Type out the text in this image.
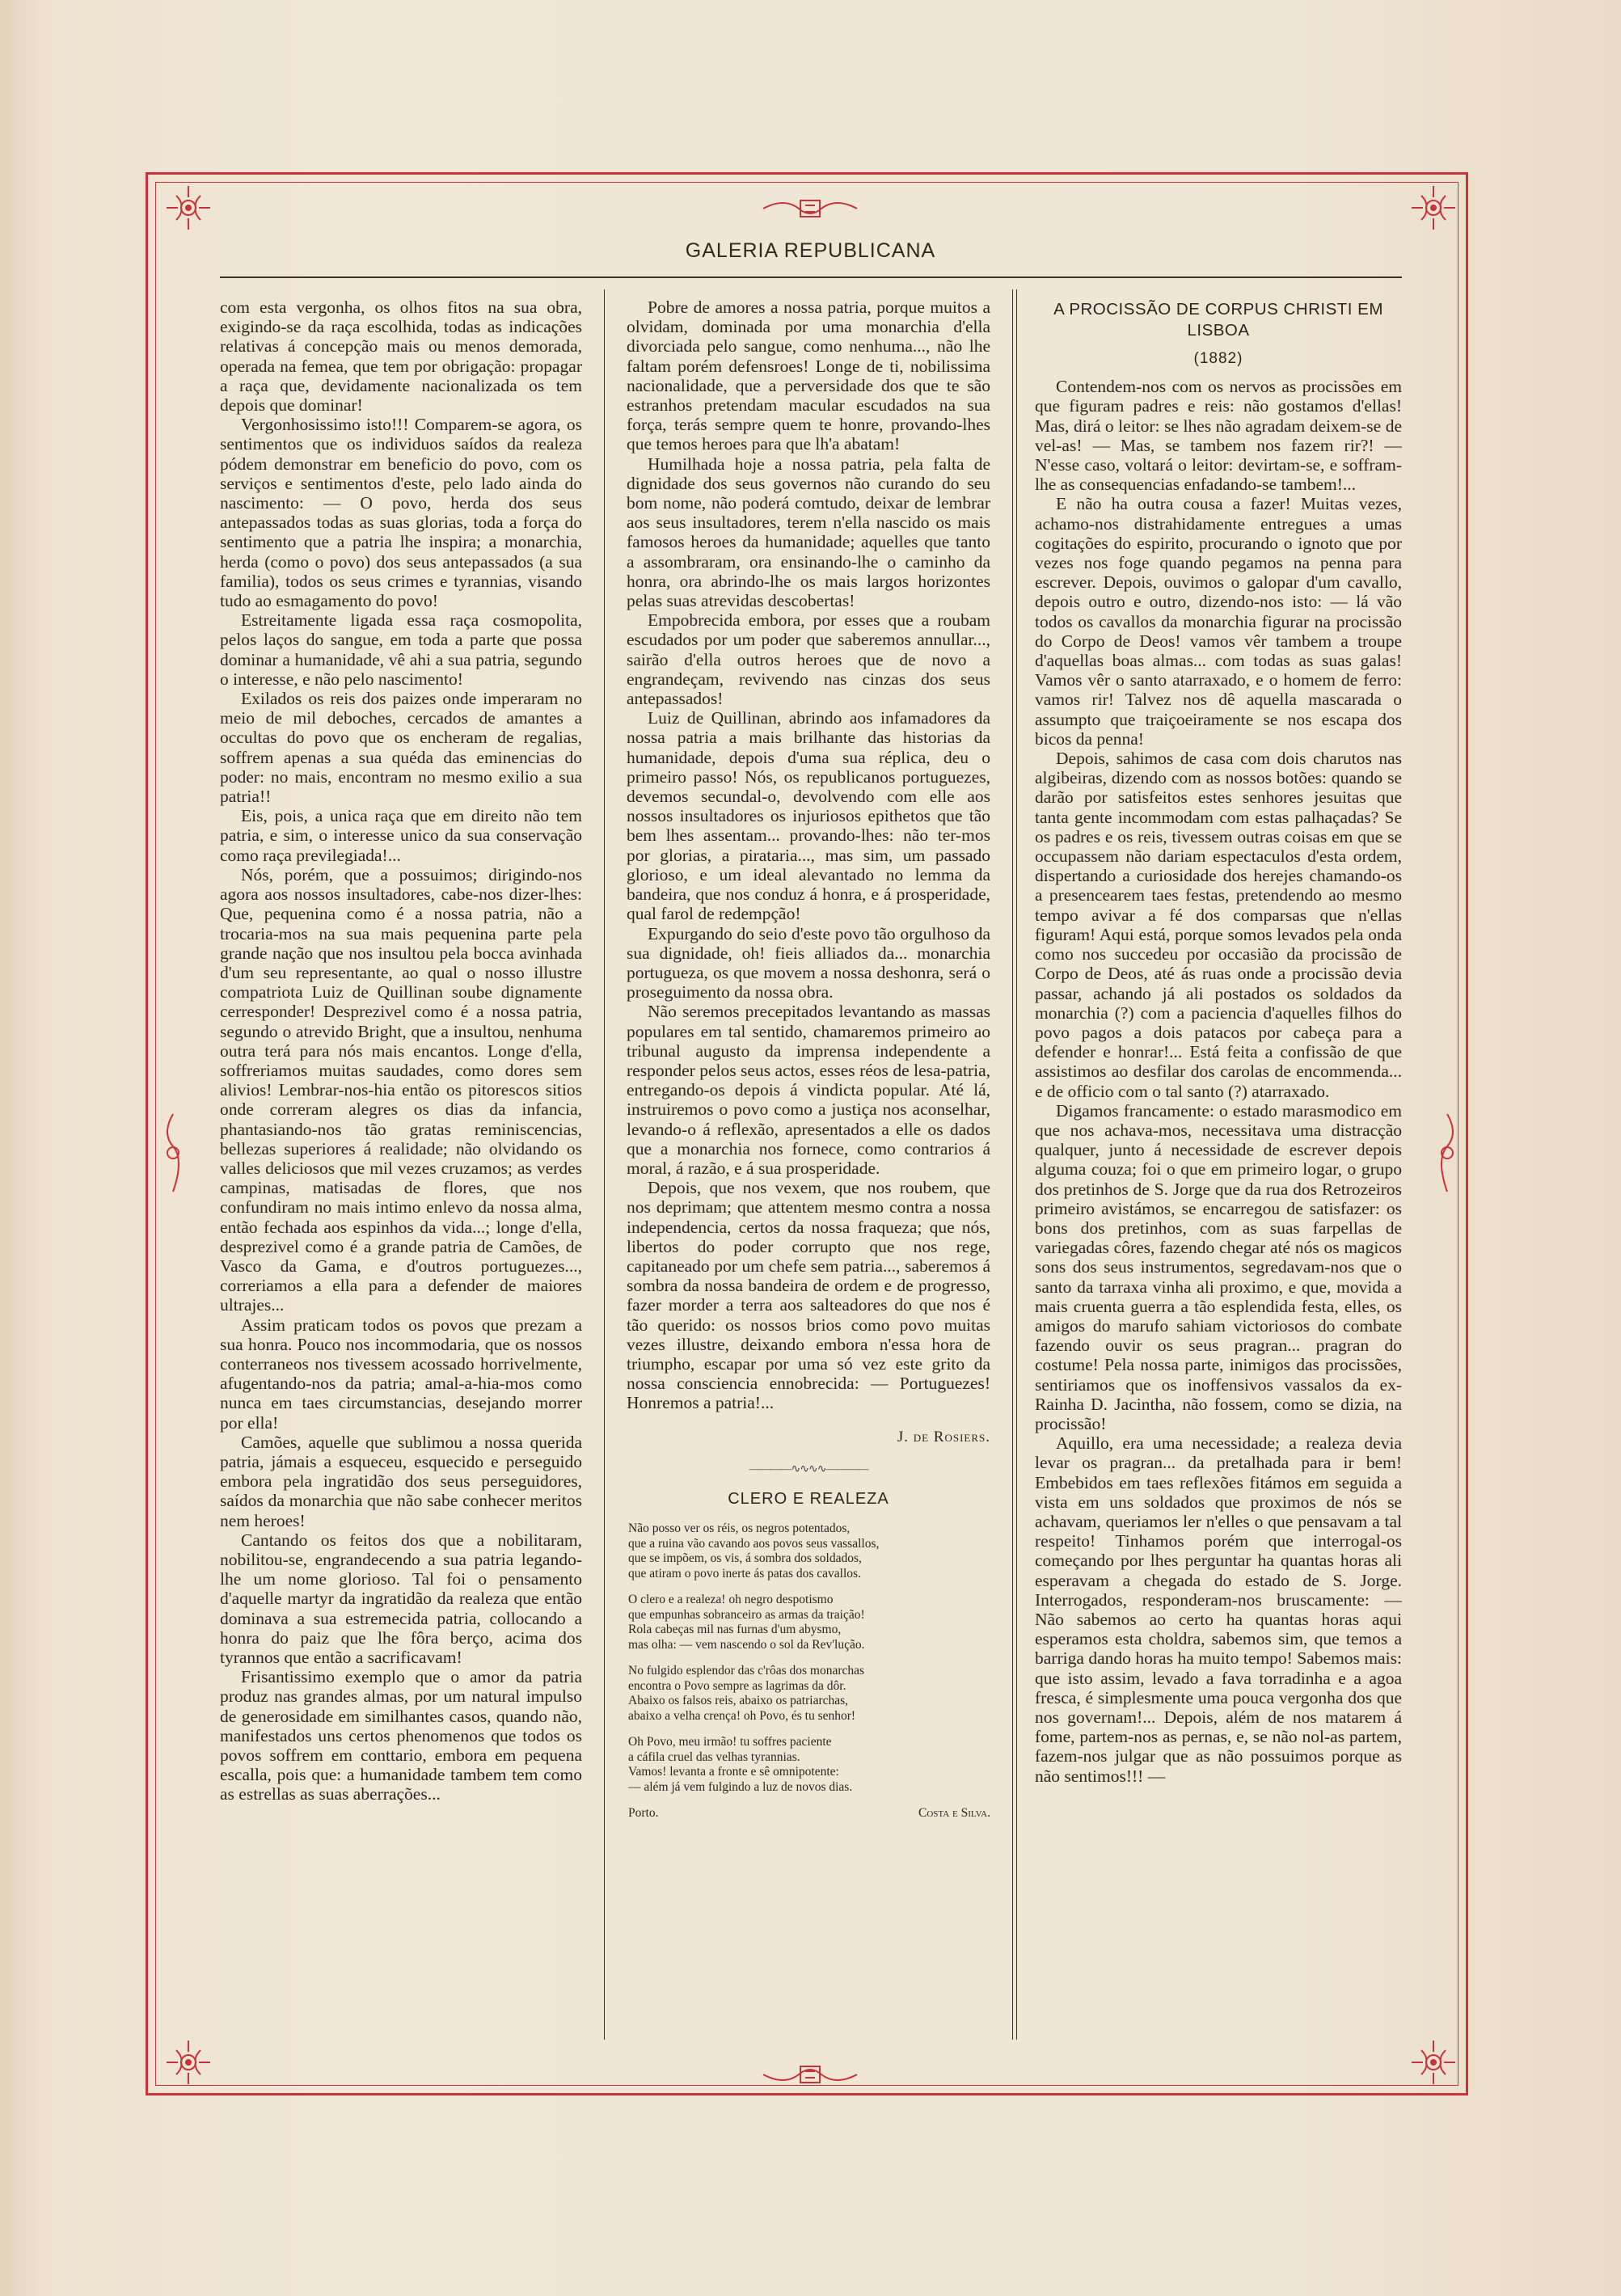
GALERIA REPUBLICANA

com esta vergonha, os olhos fitos na sua obra, exigindo-se da raça escolhida, todas as indicações relativas á concepção mais ou menos demorada, operada na femea, que tem por obrigação: propagar a raça que, devidamente nacionalizada os tem depois que dominar!

Vergonhosissimo isto!!! Comparem-se agora, os sentimentos que os individuos saídos da realeza pódem demonstrar em beneficio do povo, com os serviços e sentimentos d'este, pelo lado ainda do nascimento: — O povo, herda dos seus antepassados todas as suas glorias, toda a força do sentimento que a patria lhe inspira; a monarchia, herda (como o povo) dos seus antepassados (a sua familia), todos os seus crimes e tyrannias, visando tudo ao esmagamento do povo!

Estreitamente ligada essa raça cosmopolita, pelos laços do sangue, em toda a parte que possa dominar a humanidade, vê ahi a sua patria, segundo o interesse, e não pelo nascimento!

Exilados os reis dos paizes onde imperaram no meio de mil deboches, cercados de amantes a occultas do povo que os encheram de regalias, soffrem apenas a sua quéda das eminencias do poder: no mais, encontram no mesmo exilio a sua patria!!

Eis, pois, a unica raça que em direito não tem patria, e sim, o interesse unico da sua conservação como raça previlegiada!...

Nós, porém, que a possuimos; dirigindo-nos agora aos nossos insultadores, cabe-nos dizer-lhes: Que, pequenina como é a nossa patria, não a trocaria-mos na sua mais pequenina parte pela grande nação que nos insultou pela bocca avinhada d'um seu representante, ao qual o nosso illustre compatriota Luiz de Quillinan soube dignamente cerresponder! Desprezivel como é a nossa patria, segundo o atrevido Bright, que a insultou, nenhuma outra terá para nós mais encantos. Longe d'ella, soffreriamos muitas saudades, como dores sem alivios! Lembrar-nos-hia então os pitorescos sitios onde correram alegres os dias da infancia, phantasiando-nos tão gratas reminiscencias, bellezas superiores á realidade; não olvidando os valles deliciosos que mil vezes cruzamos; as verdes campinas, matisadas de flores, que nos confundiram no mais intimo enlevo da nossa alma, então fechada aos espinhos da vida...; longe d'ella, desprezivel como é a grande patria de Camões, de Vasco da Gama, e d'outros portuguezes..., correriamos a ella para a defender de maiores ultrajes...

Assim praticam todos os povos que prezam a sua honra. Pouco nos incommodaria, que os nossos conterraneos nos tivessem acossado horrivelmente, afugentando-nos da patria; amal-a-hia-mos como nunca em taes circumstancias, desejando morrer por ella!

Camões, aquelle que sublimou a nossa querida patria, jámais a esqueceu, esquecido e perseguido embora pela ingratidão dos seus perseguidores, saídos da monarchia que não sabe conhecer meritos nem heroes!

Cantando os feitos dos que a nobilitaram, nobilitou-se, engrandecendo a sua patria legando-lhe um nome glorioso. Tal foi o pensamento d'aquelle martyr da ingratidão da realeza que então dominava a sua estremecida patria, collocando a honra do paiz que lhe fôra berço, acima dos tyrannos que então a sacrificavam!

Frisantissimo exemplo que o amor da patria produz nas grandes almas, por um natural impulso de generosidade em similhantes casos, quando não, manifestados uns certos phenomenos que todos os povos soffrem em conttario, embora em pequena escalla, pois que: a humanidade tambem tem como as estrellas as suas aberrações...

Pobre de amores a nossa patria, porque muitos a olvidam, dominada por uma monarchia d'ella divorciada pelo sangue, como nenhuma..., não lhe faltam porém defensroes! Longe de ti, nobilissima nacionalidade, que a perversidade dos que te são estranhos pretendam macular escudados na sua força, terás sempre quem te honre, provando-lhes que temos heroes para que lh'a abatam!

Humilhada hoje a nossa patria, pela falta de dignidade dos seus governos não curando do seu bom nome, não poderá comtudo, deixar de lembrar aos seus insultadores, terem n'ella nascido os mais famosos heroes da humanidade; aquelles que tanto a assombraram, ora ensinando-lhe o caminho da honra, ora abrindo-lhe os mais largos horizontes pelas suas atrevidas descobertas!

Empobrecida embora, por esses que a roubam escudados por um poder que saberemos annullar..., sairão d'ella outros heroes que de novo a engrandeçam, revivendo nas cinzas dos seus antepassados!

Luiz de Quillinan, abrindo aos infamadores da nossa patria a mais brilhante das historias da humanidade, depois d'uma sua réplica, deu o primeiro passo! Nós, os republicanos portuguezes, devemos secundal-o, devolvendo com elle aos nossos insultadores os injuriosos epithetos que tão bem lhes assentam... provando-lhes: não ter-mos por glorias, a pirataria..., mas sim, um passado glorioso, e um ideal alevantado no lemma da bandeira, que nos conduz á honra, e á prosperidade, qual farol de redempção!

Expurgando do seio d'este povo tão orgulhoso da sua dignidade, oh! fieis alliados da... monarchia portugueza, os que movem a nossa deshonra, será o proseguimento da nossa obra.

Não seremos precepitados levantando as massas populares em tal sentido, chamaremos primeiro ao tribunal augusto da imprensa independente a responder pelos seus actos, esses réos de lesa-patria, entregando-os depois á vindicta popular. Até lá, instruiremos o povo como a justiça nos aconselhar, levando-o á reflexão, apresentados a elle os dados que a monarchia nos fornece, como contrarios á moral, á razão, e á sua prosperidade.

Depois, que nos vexem, que nos roubem, que nos deprimam; que attentem mesmo contra a nossa independencia, certos da nossa fraqueza; que nós, libertos do poder corrupto que nos rege, capitaneado por um chefe sem patria..., saberemos á sombra da nossa bandeira de ordem e de progresso, fazer morder a terra aos salteadores do que nos é tão querido: os nossos brios como povo muitas vezes illustre, deixando embora n'essa hora de triumpho, escapar por uma só vez este grito da nossa consciencia ennobrecida: — Portuguezes! Honremos a patria!...

J. de Rosiers.

————∿∿∿∿————
CLERO E REALEZA
Não posso ver os réis, os negros potentados,
que a ruina vão cavando aos povos seus vassallos,
que se impõem, os vis, á sombra dos soldados,
que atiram o povo inerte ás patas dos cavallos.
O clero e a realeza! oh negro despotismo
que empunhas sobranceiro as armas da traição!
Rola cabeças mil nas furnas d'um abysmo,
mas olha: — vem nascendo o sol da Rev'lução.
No fulgido esplendor das c'rôas dos monarchas
encontra o Povo sempre as lagrimas da dôr.
Abaixo os falsos reis, abaixo os patriarchas,
abaixo a velha crença! oh Povo, és tu senhor!
Oh Povo, meu irmão! tu soffres paciente
a cáfila cruel das velhas tyrannias.
Vamos! levanta a fronte e sê omnipotente:
— além já vem fulgindo a luz de novos dias.
Porto.	Costa e Silva.
A PROCISSÃO DE CORPUS CHRISTI EM LISBOA
(1882)

Contendem-nos com os nervos as procissões em que figuram padres e reis: não gostamos d'ellas! Mas, dirá o leitor: se lhes não agradam deixem-se de vel-as! — Mas, se tambem nos fazem rir?! — N'esse caso, voltará o leitor: devirtam-se, e soffram-lhe as consequencias enfadando-se tambem!...

E não ha outra cousa a fazer! Muitas vezes, achamo-nos distrahidamente entregues a umas cogitações do espirito, procurando o ignoto que por vezes nos foge quando pegamos na penna para escrever. Depois, ouvimos o galopar d'um cavallo, depois outro e outro, dizendo-nos isto: — lá vão todos os cavallos da monarchia figurar na procissão do Corpo de Deos! vamos vêr tambem a troupe d'aquellas boas almas... com todas as suas galas! Vamos vêr o santo atarraxado, e o homem de ferro: vamos rir! Talvez nos dê aquella mascarada o assumpto que traiçoeiramente se nos escapa dos bicos da penna!

Depois, sahimos de casa com dois charutos nas algibeiras, dizendo com as nossos botões: quando se darão por satisfeitos estes senhores jesuitas que tanta gente incommodam com estas palhaçadas? Se os padres e os reis, tivessem outras coisas em que se occupassem não dariam espectaculos d'esta ordem, dispertando a curiosidade dos herejes chamando-os a presencearem taes festas, pretendendo ao mesmo tempo avivar a fé dos comparsas que n'ellas figuram! Aqui está, porque somos levados pela onda como nos succedeu por occasião da procissão de Corpo de Deos, até ás ruas onde a procissão devia passar, achando já ali postados os soldados da monarchia (?) com a paciencia d'aquelles filhos do povo pagos a dois patacos por cabeça para a defender e honrar!... Está feita a confissão de que assistimos ao desfilar dos carolas de encommenda... e de officio com o tal santo (?) atarraxado.

Digamos francamente: o estado marasmodico em que nos achava-mos, necessitava uma distracção qualquer, junto á necessidade de escrever depois alguma couza; foi o que em primeiro logar, o grupo dos pretinhos de S. Jorge que da rua dos Retrozeiros primeiro avistámos, se encarregou de satisfazer: os bons dos pretinhos, com as suas farpellas de variegadas côres, fazendo chegar até nós os magicos sons dos seus instrumentos, segredavam-nos que o santo da tarraxa vinha ali proximo, e que, movida a mais cruenta guerra a tão esplendida festa, elles, os amigos do marufo sahiam victoriosos do combate fazendo ouvir os seus pragran... pragran do costume! Pela nossa parte, inimigos das procissões, sentiriamos que os inoffensivos vassalos da ex-Rainha D. Jacintha, não fossem, como se dizia, na procissão!

Aquillo, era uma necessidade; a realeza devia levar os pragran... da pretalhada para ir bem! Embebidos em taes reflexões fitámos em seguida a vista em uns soldados que proximos de nós se achavam, queriamos ler n'elles o que pensavam a tal respeito! Tinhamos porém que interrogal-os começando por lhes perguntar ha quantas horas ali esperavam a chegada do estado de S. Jorge. Interrogados, responderam-nos bruscamente: — Não sabemos ao certo ha quantas horas aqui esperamos esta choldra, sabemos sim, que temos a barriga dando horas ha muito tempo! Sabemos mais: que isto assim, levado a fava torradinha e a agoa fresca, é simplesmente uma pouca vergonha dos que nos governam!... Depois, além de nos matarem á fome, partem-nos as pernas, e, se não nol-as partem, fazem-nos julgar que as não possuimos porque as não sentimos!!! —
